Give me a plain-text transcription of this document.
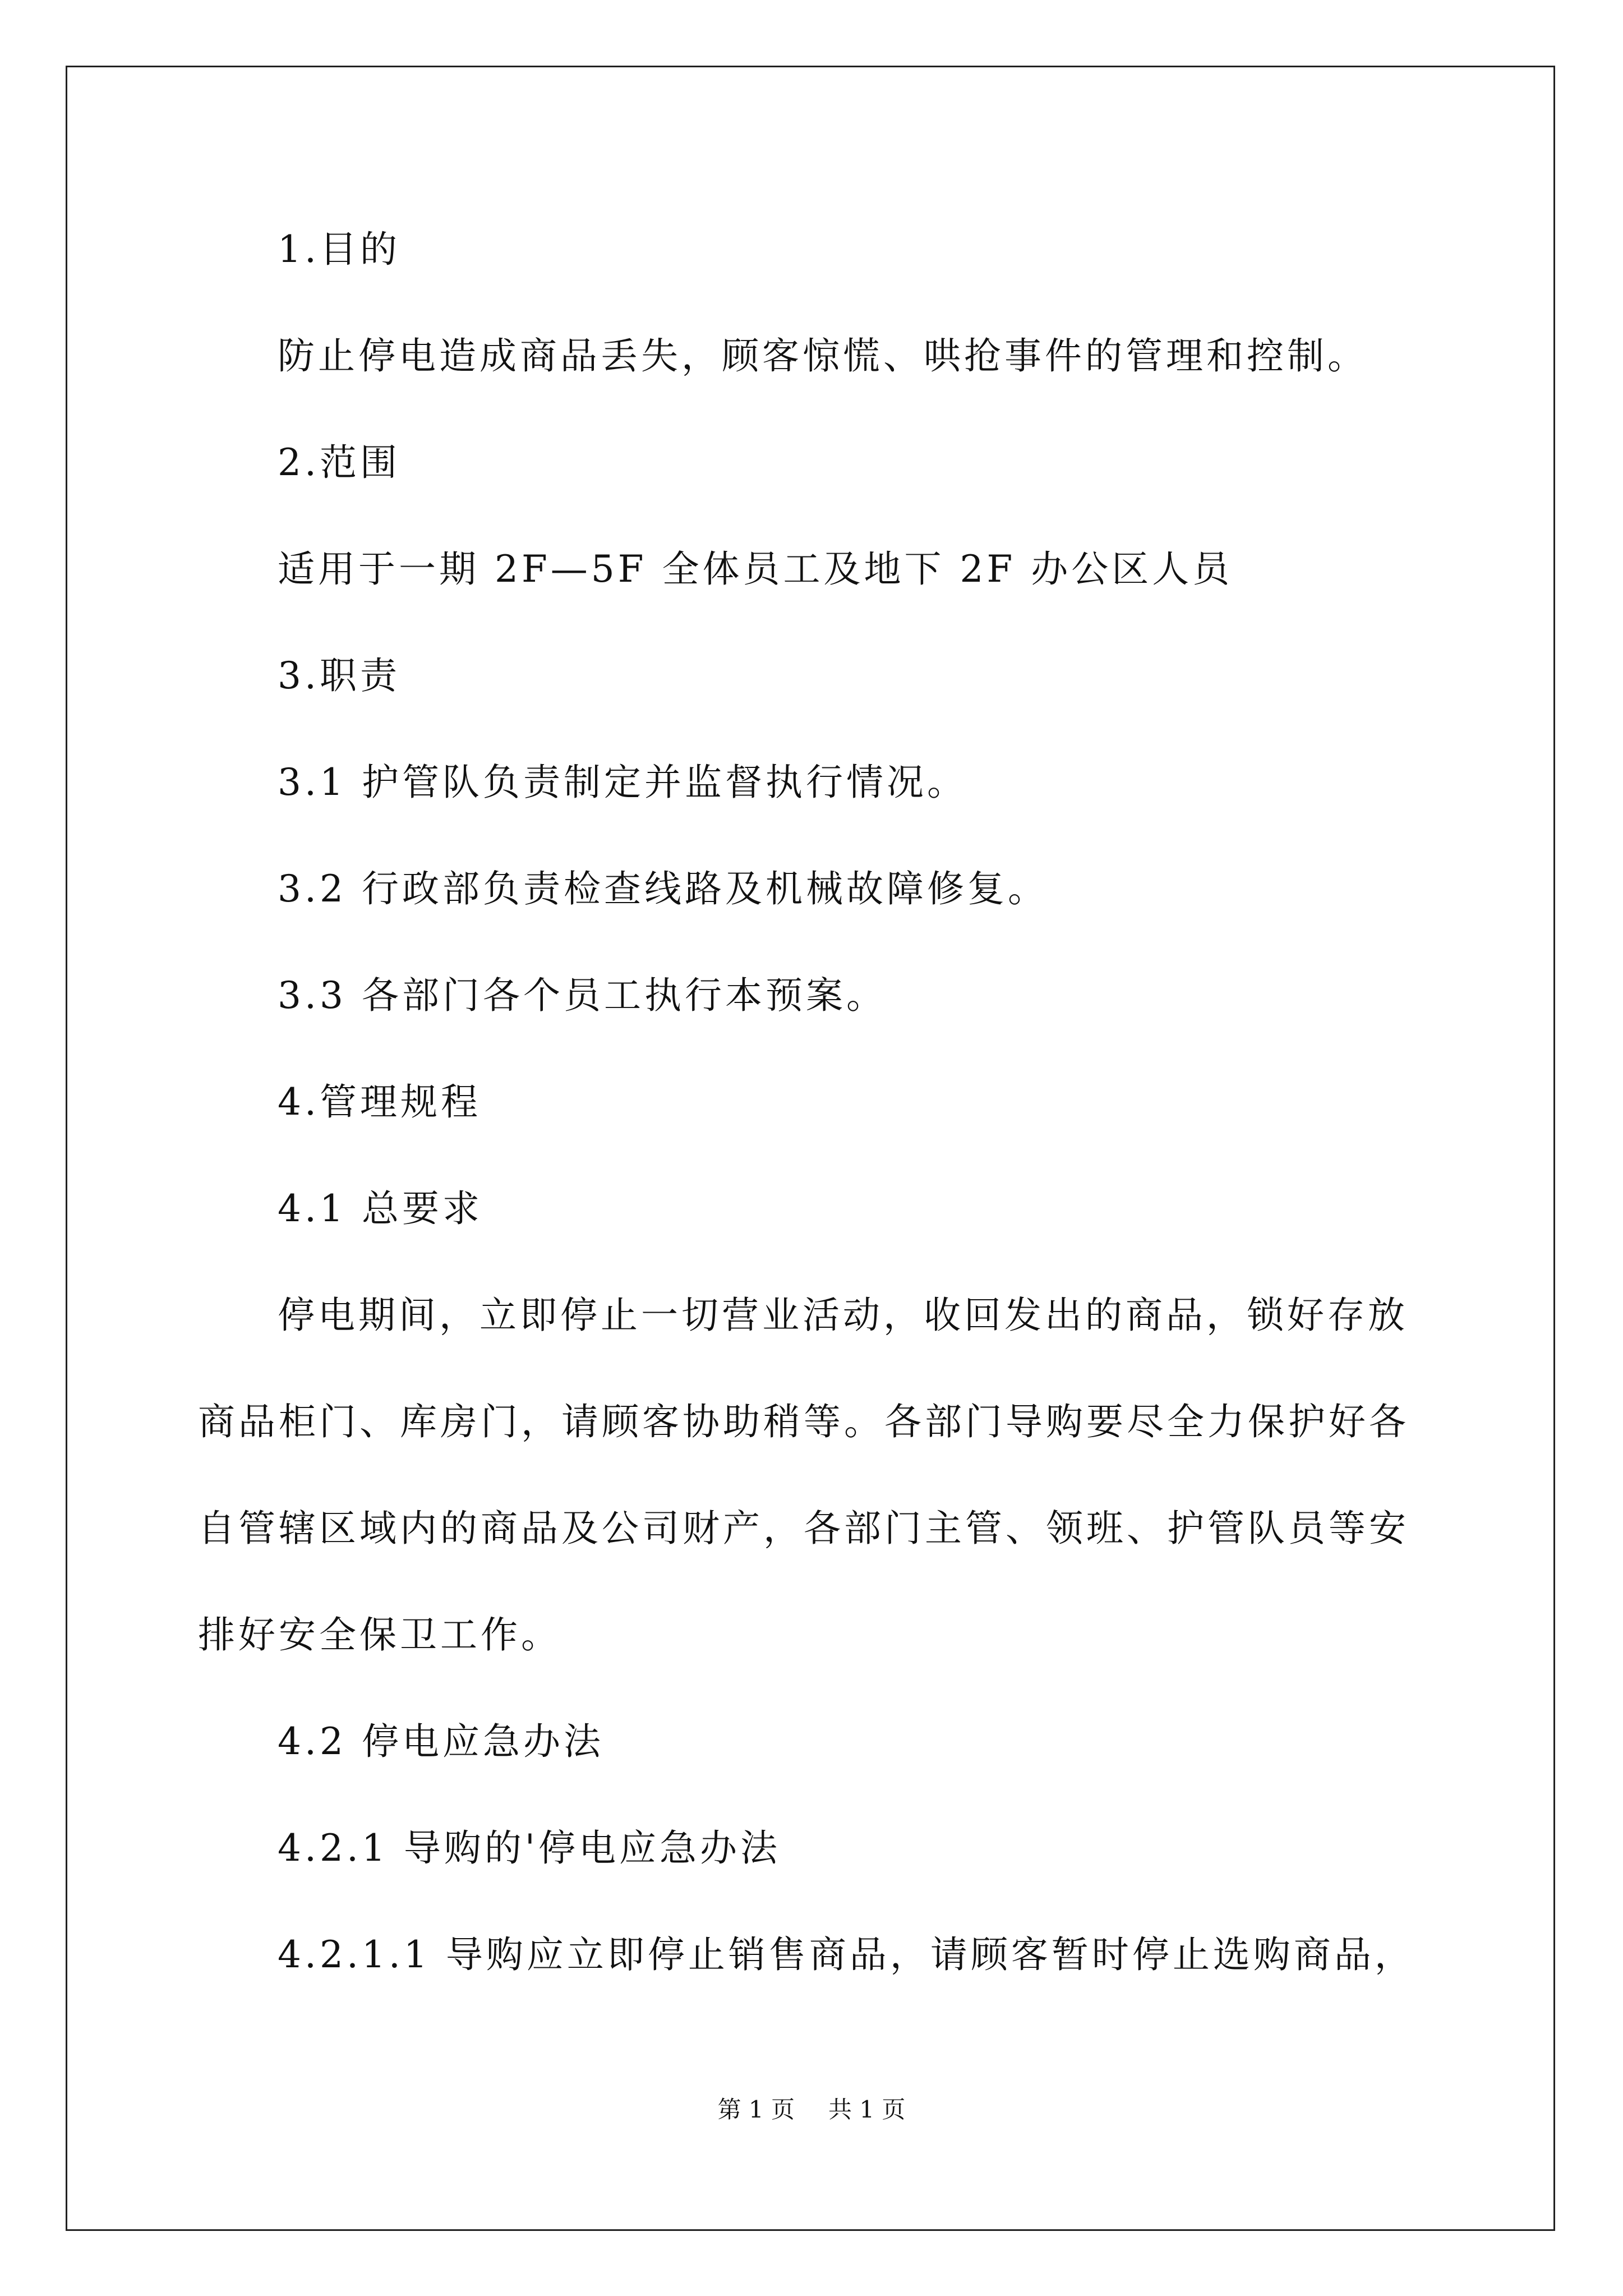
1.目的

防止停电造成商品丢失，顾客惊慌、哄抢事件的管理和控制。

2.范围

适用于一期 2F—5F 全体员工及地下 2F 办公区人员

3.职责

3.1 护管队负责制定并监督执行情况。

3.2 行政部负责检查线路及机械故障修复。

3.3 各部门各个员工执行本预案。

4.管理规程

4.1 总要求

停电期间，立即停止一切营业活动，收回发出的商品，锁好存放

商品柜门、库房门，请顾客协助稍等。各部门导购要尽全力保护好各

自管辖区域内的商品及公司财产，各部门主管、领班、护管队员等安

排好安全保卫工作。

4.2 停电应急办法

4.2.1 导购的'停电应急办法

4.2.1.1 导购应立即停止销售商品，请顾客暂时停止选购商品，

第 1 页 共 1 页
